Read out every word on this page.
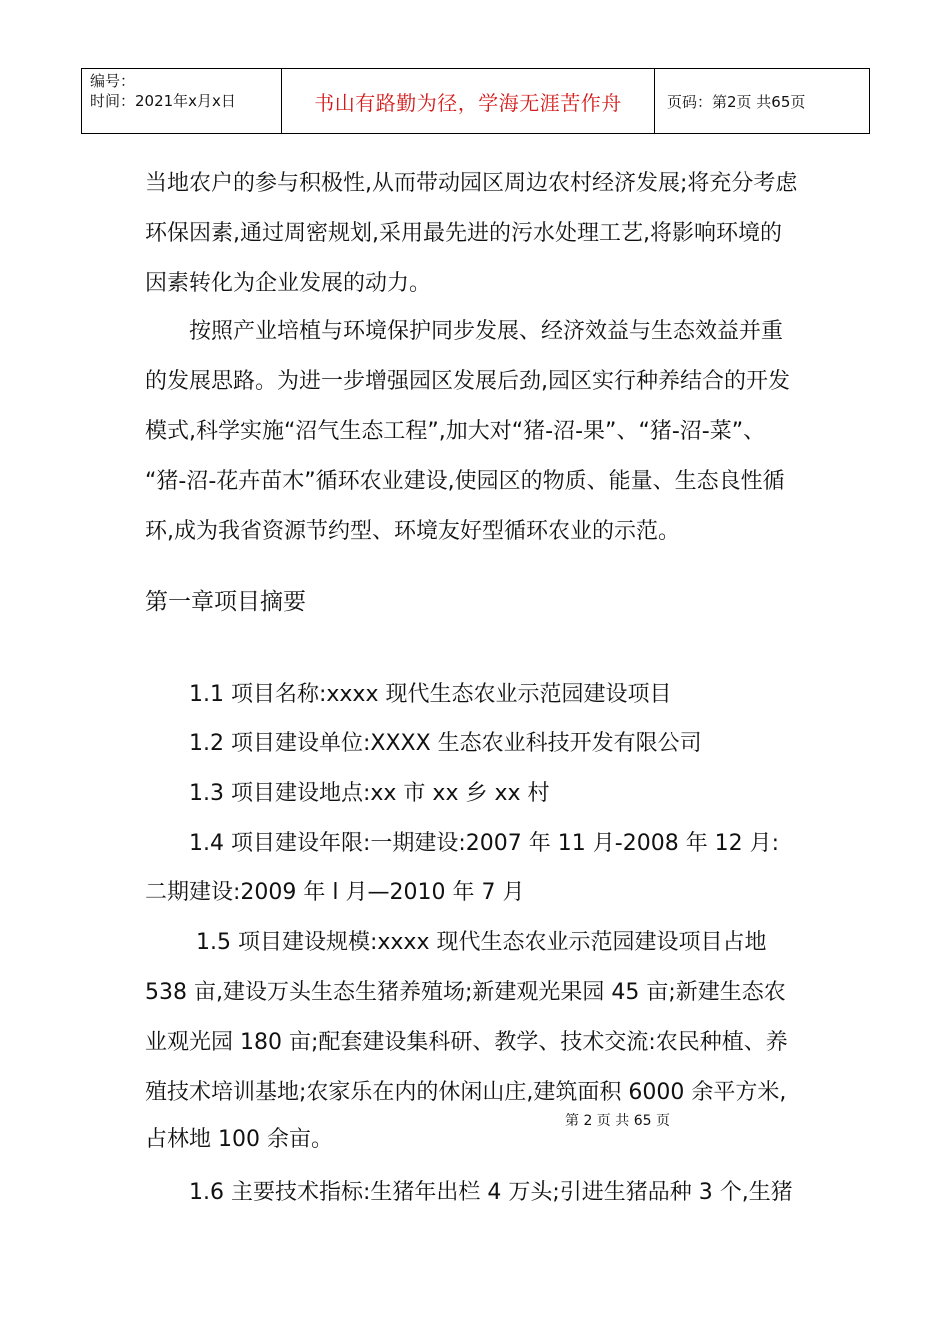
编号：
时间：2021年x月x日	书山有路勤为径，学海无涯苦作舟	页码：第2页 共65页
当地农户的参与积极性,从而带动园区周边农村经济发展;将充分考虑
环保因素,通过周密规划,采用最先进的污水处理工艺,将影响环境的
因素转化为企业发展的动力。
　　按照产业培植与环境保护同步发展、经济效益与生态效益并重
的发展思路。为进一步增强园区发展后劲,园区实行种养结合的开发
模式,科学实施“沼气生态工程”,加大对“猪-沼-果”、“猪-沼-菜”、
“猪-沼-花卉苗木”循环农业建设,使园区的物质、能量、生态良性循
环,成为我省资源节约型、环境友好型循环农业的示范。
第一章项目摘要
　　1.1 项目名称:xxxx 现代生态农业示范园建设项目
　　1.2 项目建设单位:XXXX 生态农业科技开发有限公司
　　1.3 项目建设地点:xx 市 xx 乡 xx 村
　　1.4 项目建设年限:一期建设:2007 年 11 月-2008 年 12 月:
二期建设:2009 年 l 月—2010 年 7 月
　　 1.5 项目建设规模:xxxx 现代生态农业示范园建设项目占地
538 亩,建设万头生态生猪养殖场;新建观光果园 45 亩;新建生态农
业观光园 180 亩;配套建设集科研、教学、技术交流:农民种植、养
殖技术培训基地;农家乐在内的休闲山庄,建筑面积 6000 余平方米,
占林地 100 余亩。
　　1.6 主要技术指标:生猪年出栏 4 万头;引进生猪品种 3 个,生猪
第 2 页 共 65 页
